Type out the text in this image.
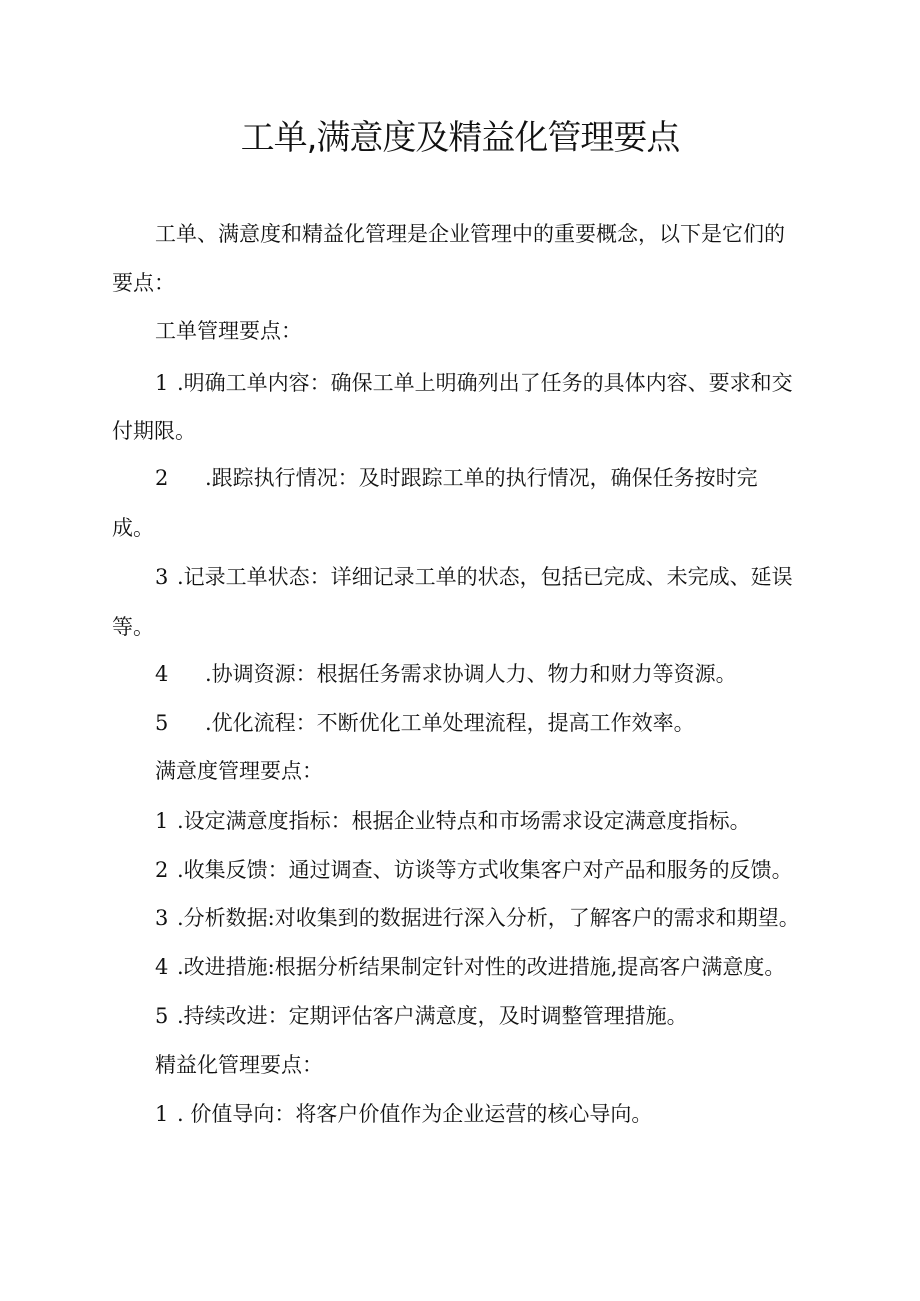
工单,满意度及精益化管理要点

工单、满意度和精益化管理是企业管理中的重要概念，以下是它们的

要点：

工单管理要点：

1 .明确工单内容：确保工单上明确列出了任务的具体内容、要求和交

付期限。

2 .跟踪执行情况：及时跟踪工单的执行情况，确保任务按时完

成。

3 .记录工单状态：详细记录工单的状态，包括已完成、未完成、延误

等。

4 .协调资源：根据任务需求协调人力、物力和财力等资源。

5 .优化流程：不断优化工单处理流程，提高工作效率。

满意度管理要点：

1 .设定满意度指标：根据企业特点和市场需求设定满意度指标。

2 .收集反馈：通过调查、访谈等方式收集客户对产品和服务的反馈。

3 .分析数据:对收集到的数据进行深入分析，了解客户的需求和期望。

4 .改进措施:根据分析结果制定针对性的改进措施,提高客户满意度。

5 .持续改进：定期评估客户满意度，及时调整管理措施。

精益化管理要点：

1 . 价值导向：将客户价值作为企业运营的核心导向。
